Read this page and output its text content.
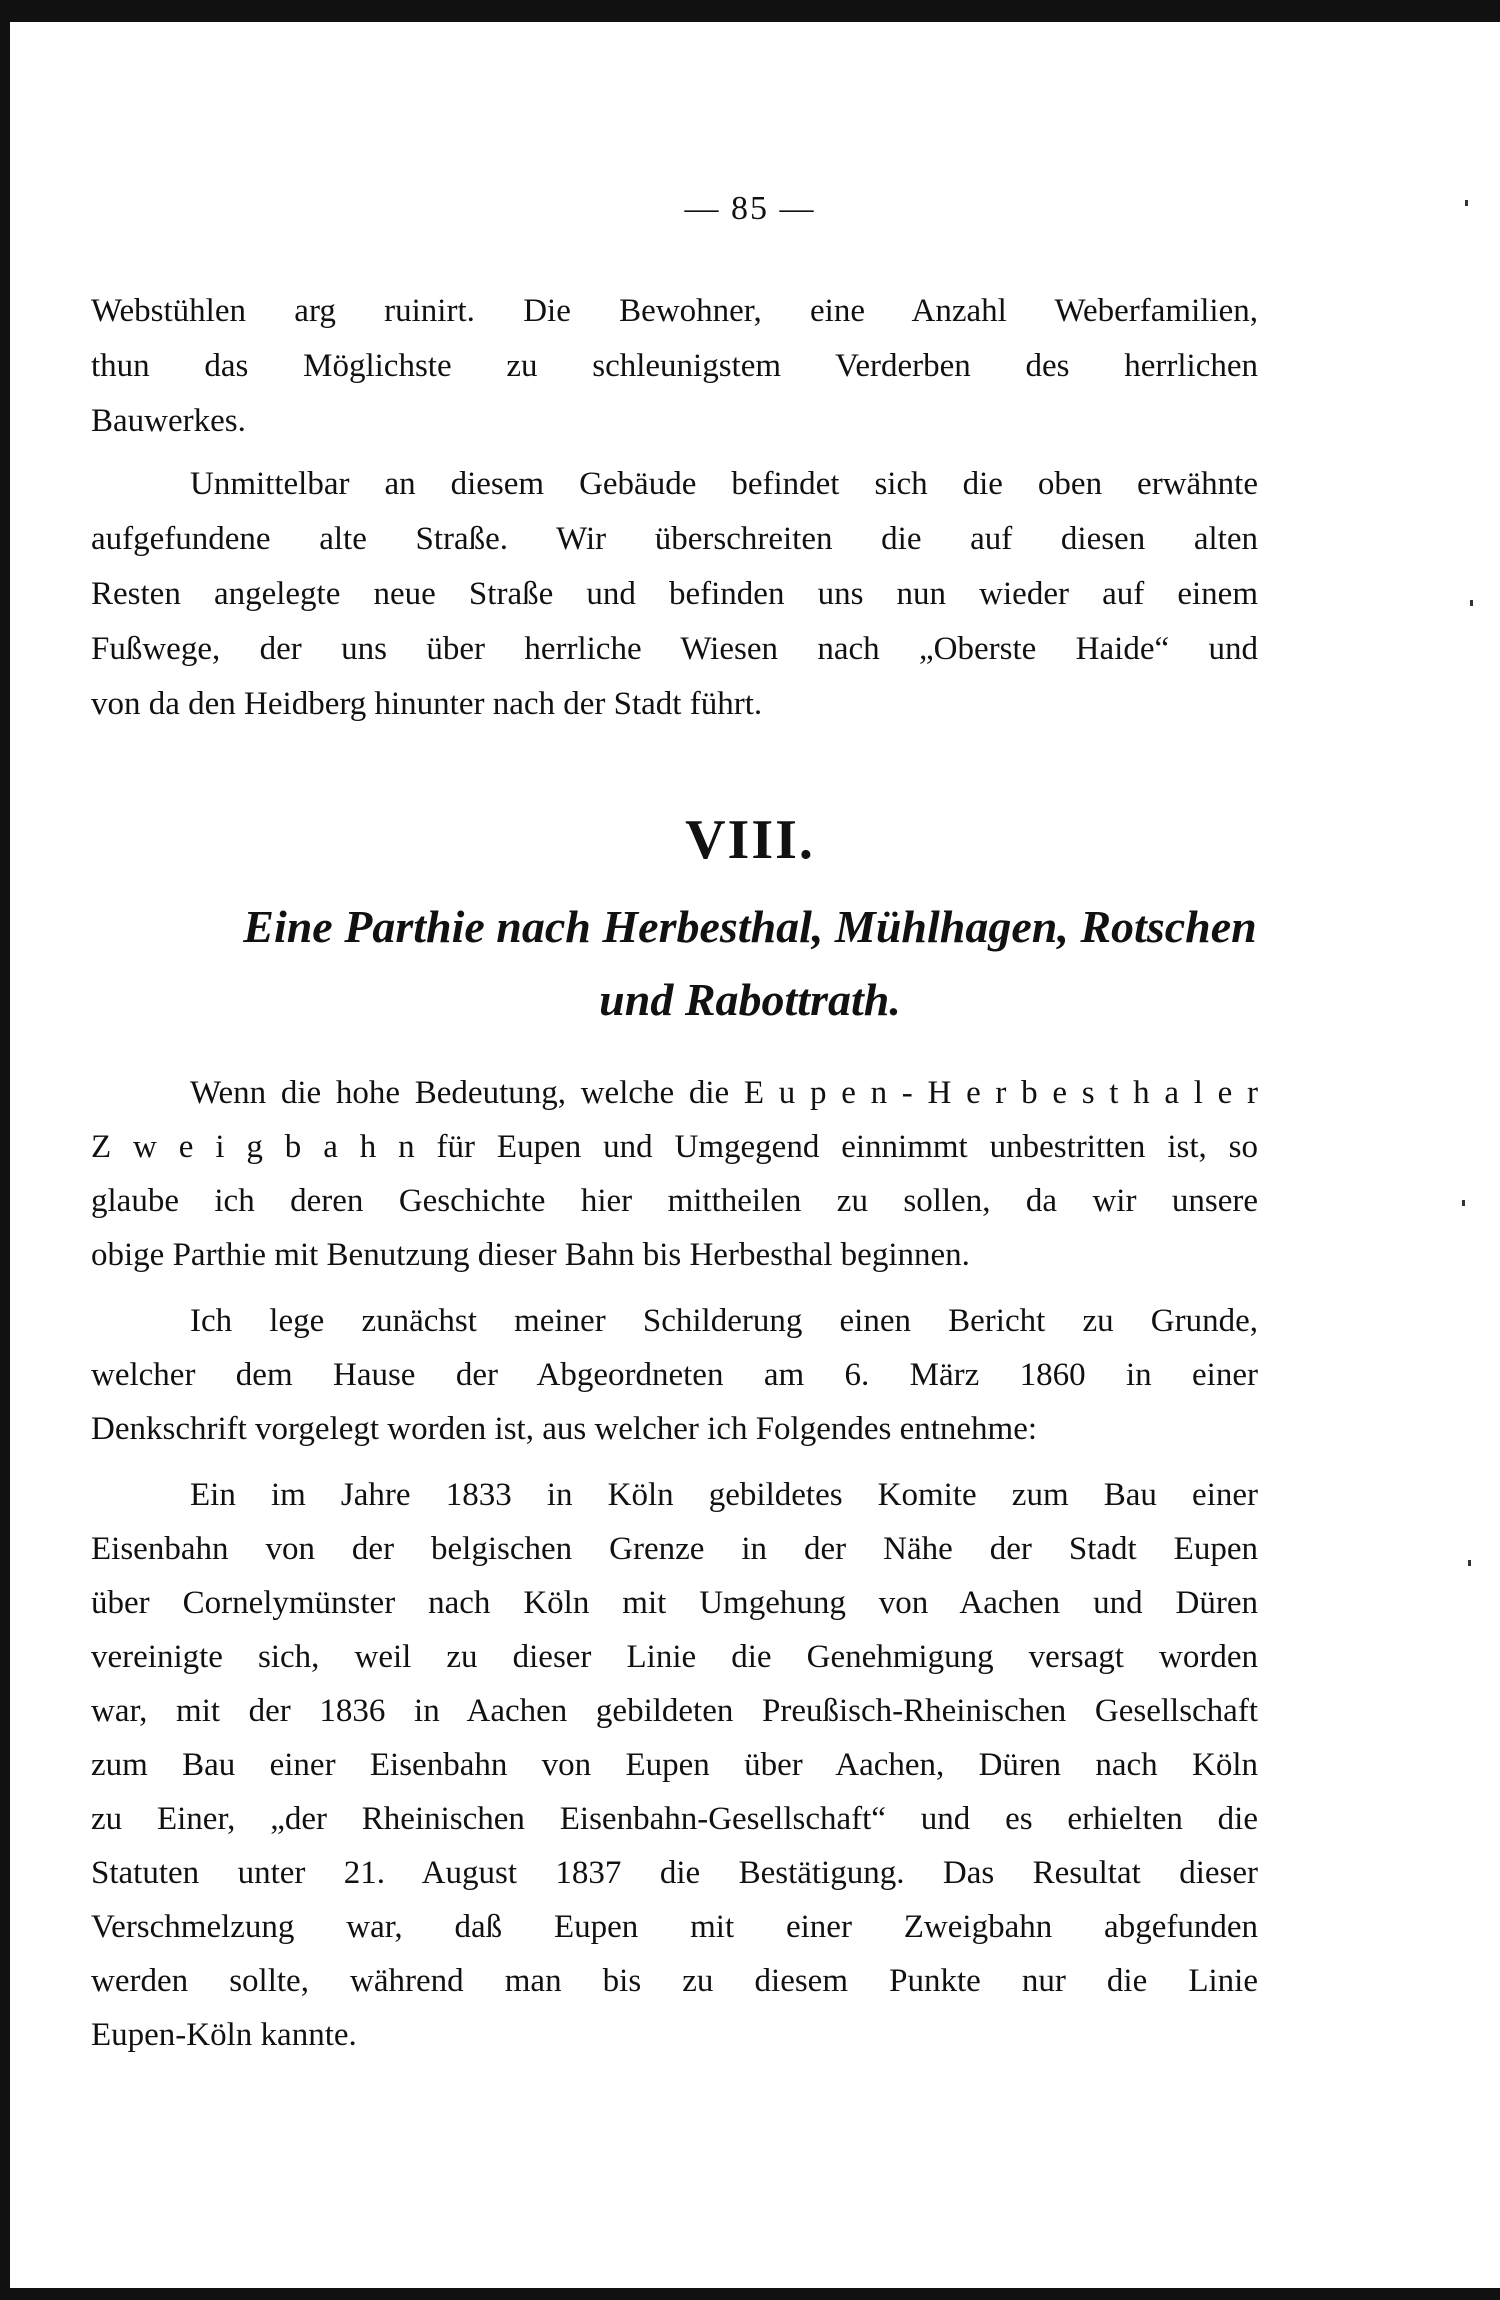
— 85 —
Webstühlen arg ruinirt. Die Bewohner, eine Anzahl Weberfamilien,
thun das Möglichste zu schleunigstem Verderben des herrlichen
Bauwerkes.
Unmittelbar an diesem Gebäude befindet sich die oben erwähnte
aufgefundene alte Straße. Wir überschreiten die auf diesen alten
Resten angelegte neue Straße und befinden uns nun wieder auf einem
Fußwege, der uns über herrliche Wiesen nach „Oberste Haide“ und
von da den Heidberg hinunter nach der Stadt führt.
VIII.
Eine Parthie nach Herbesthal, Mühlhagen, Rotschen
und Rabottrath.
Wenn die hohe Bedeutung, welche die E u p e n - H e r b e s t h a l e r
Z w e i g b a h n für Eupen und Umgegend einnimmt unbestritten ist, so
glaube ich deren Geschichte hier mittheilen zu sollen, da wir unsere
obige Parthie mit Benutzung dieser Bahn bis Herbesthal beginnen.
Ich lege zunächst meiner Schilderung einen Bericht zu Grunde,
welcher dem Hause der Abgeordneten am 6. März 1860 in einer
Denkschrift vorgelegt worden ist, aus welcher ich Folgendes entnehme:
Ein im Jahre 1833 in Köln gebildetes Komite zum Bau einer
Eisenbahn von der belgischen Grenze in der Nähe der Stadt Eupen
über Cornelymünster nach Köln mit Umgehung von Aachen und Düren
vereinigte sich, weil zu dieser Linie die Genehmigung versagt worden
war, mit der 1836 in Aachen gebildeten Preußisch-Rheinischen Gesellschaft
zum Bau einer Eisenbahn von Eupen über Aachen, Düren nach Köln
zu Einer, „der Rheinischen Eisenbahn-Gesellschaft“ und es erhielten die
Statuten unter 21. August 1837 die Bestätigung. Das Resultat dieser
Verschmelzung war, daß Eupen mit einer Zweigbahn abgefunden
werden sollte, während man bis zu diesem Punkte nur die Linie
Eupen-Köln kannte.
